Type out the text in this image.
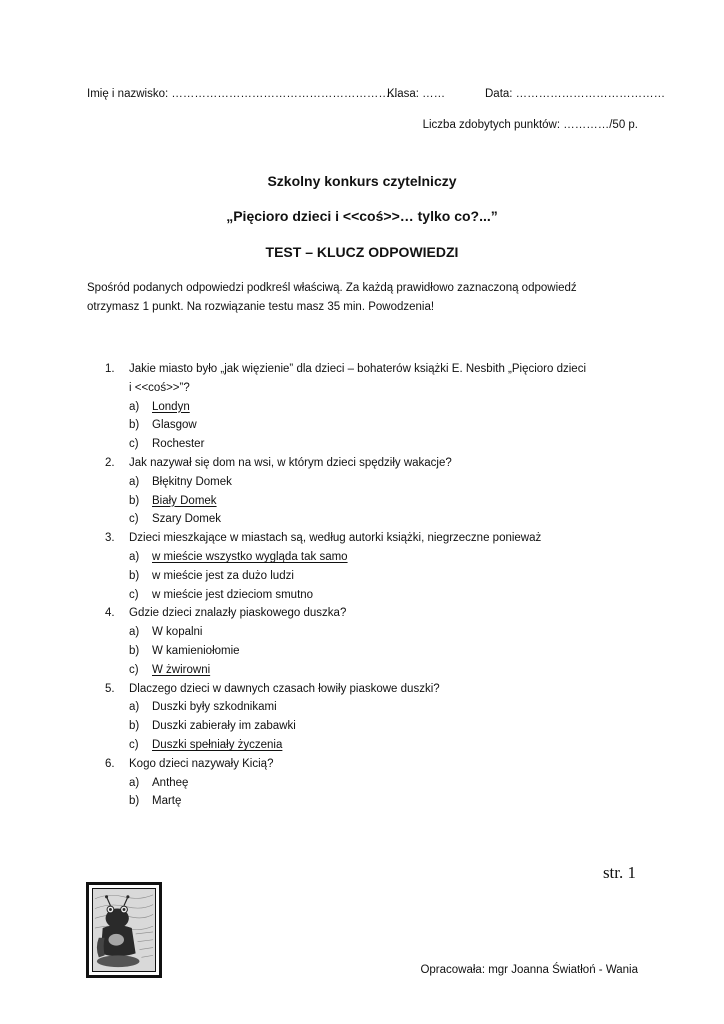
Imię i nazwisko: ……………………………………………………
Klasa: ……	Data: …………………………………
Liczba zdobytych punktów: …………/50 p.
Szkolny konkurs czytelniczy
„Pięcioro dzieci i <<coś>>… tylko co?...”
TEST – KLUCZ ODPOWIEDZI
Spośród podanych odpowiedzi podkreśl właściwą. Za każdą prawidłowo zaznaczoną odpowiedź
otrzymasz 1 punkt. Na rozwiązanie testu masz 35 min. Powodzenia!
1. Jakie miasto było „jak więzienie” dla dzieci – bohaterów książki E. Nesbith „Pięcioro dzieci
i <<coś>>”?
a) Londyn
b) Glasgow
c) Rochester
2. Jak nazywał się dom na wsi, w którym dzieci spędziły wakacje?
a) Błękitny Domek
b) Biały Domek
c) Szary Domek
3. Dzieci mieszkające w miastach są, według autorki książki, niegrzeczne ponieważ
a) w mieście wszystko wygląda tak samo
b) w mieście jest za dużo ludzi
c) w mieście jest dzieciom smutno
4. Gdzie dzieci znalazły piaskowego duszka?
a) W kopalni
b) W kamieniołomie
c) W żwirowni
5. Dlaczego dzieci w dawnych czasach łowiły piaskowe duszki?
a) Duszki były szkodnikami
b) Duszki zabierały im zabawki
c) Duszki spełniały życzenia
6. Kogo dzieci nazywały Kicią?
a) Antheę
b) Martę
str. 1
Opracowała: mgr Joanna Światłoń - Wania
